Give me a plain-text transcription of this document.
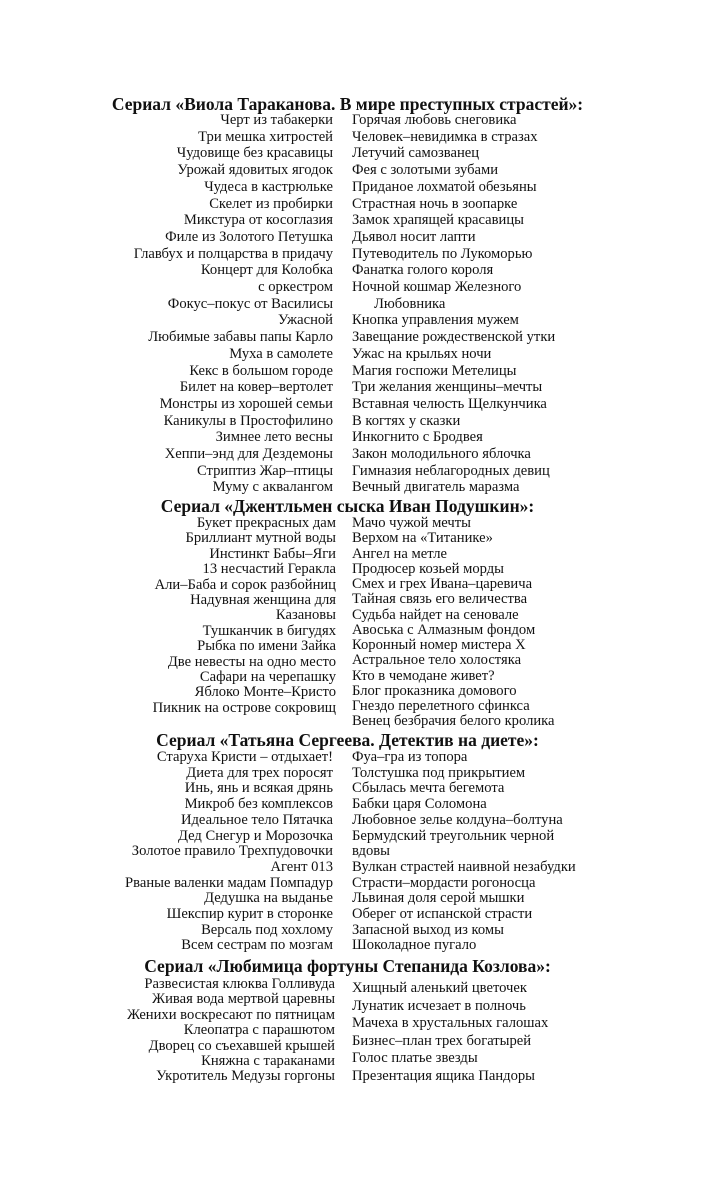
Сериал «Виола Тараканова. В мире преступных страстей»:
Черт из табакерки
Три мешка хитростей
Чудовище без красавицы
Урожай ядовитых ягодок
Чудеса в кастрюльке
Скелет из пробирки
Микстура от косоглазия
Филе из Золотого Петушка
Главбух и полцарства в придачу
Концерт для Колобка
с оркестром
Фокус–покус от Василисы
Ужасной
Любимые забавы папы Карло
Муха в самолете
Кекс в большом городе
Билет на ковер–вертолет
Монстры из хорошей семьи
Каникулы в Простофилино
Зимнее лето весны
Хеппи–энд для Дездемоны
Стриптиз Жар–птицы
Муму с аквалангом
Горячая любовь снеговика
Человек–невидимка в стразах
Летучий самозванец
Фея с золотыми зубами
Приданое лохматой обезьяны
Страстная ночь в зоопарке
Замок храпящей красавицы
Дьявол носит лапти
Путеводитель по Лукоморью
Фанатка голого короля
Ночной кошмар Железного
Любовника
Кнопка управления мужем
Завещание рождественской утки
Ужас на крыльях ночи
Магия госпожи Метелицы
Три желания женщины–мечты
Вставная челюсть Щелкунчика
В когтях у сказки
Инкогнито с Бродвея
Закон молодильного яблочка
Гимназия неблагородных девиц
Вечный двигатель маразма
Сериал «Джентльмен сыска Иван Подушкин»:
Букет прекрасных дам
Бриллиант мутной воды
Инстинкт Бабы–Яги
13 несчастий Геракла
Али–Баба и сорок разбойниц
Надувная женщина для
Казановы
Тушканчик в бигудях
Рыбка по имени Зайка
Две невесты на одно место
Сафари на черепашку
Яблоко Монте–Кристо
Пикник на острове сокровищ
Мачо чужой мечты
Верхом на «Титанике»
Ангел на метле
Продюсер козьей морды
Смех и грех Ивана–царевича
Тайная связь его величества
Судьба найдет на сеновале
Авоська с Алмазным фондом
Коронный номер мистера Х
Астральное тело холостяка
Кто в чемодане живет?
Блог проказника домового
Гнездо перелетного сфинкса
Венец безбрачия белого кролика
Сериал «Татьяна Сергеева. Детектив на диете»:
Старуха Кристи – отдыхает!
Диета для трех поросят
Инь, янь и всякая дрянь
Микроб без комплексов
Идеальное тело Пятачка
Дед Снегур и Морозочка
Золотое правило Трехпудовочки
Агент 013
Рваные валенки мадам Помпадур
Дедушка на выданье
Шекспир курит в сторонке
Версаль под хохлому
Всем сестрам по мозгам
Фуа–гра из топора
Толстушка под прикрытием
Сбылась мечта бегемота
Бабки царя Соломона
Любовное зелье колдуна–болтуна
Бермудский треугольник черной
вдовы
Вулкан страстей наивной незабудки
Страсти–мордасти рогоносца
Львиная доля серой мышки
Оберег от испанской страсти
Запасной выход из комы
Шоколадное пугало
Сериал «Любимица фортуны Степанида Козлова»:
Развесистая клюква Голливуда
Живая вода мертвой царевны
Женихи воскресают по пятницам
Клеопатра с парашютом
Дворец со съехавшей крышей
Княжна с тараканами
Укротитель Медузы горгоны
Хищный аленький цветочек
Лунатик исчезает в полночь
Мачеха в хрустальных галошах
Бизнес–план трех богатырей
Голос платье звезды
Презентация ящика Пандоры
